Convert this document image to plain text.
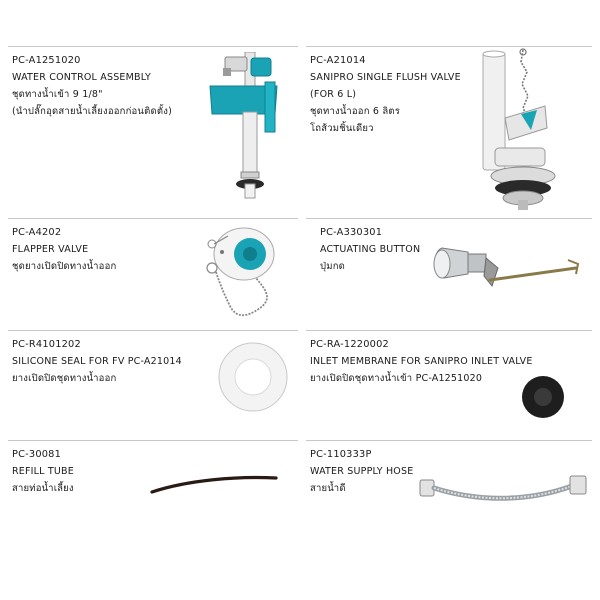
PC-A1251020
WATER CONTROL ASSEMBLY
ชุดทางน้ำเข้า 9 1/8"
(นำปลั๊กอุดสายน้ำเลี้ยงออกก่อนติดตั้ง)
PC-A21014
SANIPRO SINGLE FLUSH VALVE
(FOR 6 L)
ชุดทางน้ำออก 6 ลิตร
โถส้วมชิ้นเดียว
PC-A4202
FLAPPER VALVE
ชุดยางเปิดปิดทางน้ำออก
PC-A330301
ACTUATING BUTTON
ปุ่มกด
PC-R4101202
SILICONE SEAL FOR FV PC-A21014
ยางเปิดปิดชุดทางน้ำออก
PC-RA-1220002
INLET MEMBRANE FOR SANIPRO INLET VALVE
ยางเปิดปิดชุดทางน้ำเข้า PC-A1251020
PC-30081
REFILL TUBE
สายท่อน้ำเลี้ยง
PC-110333P
WATER SUPPLY HOSE
สายน้ำดี
